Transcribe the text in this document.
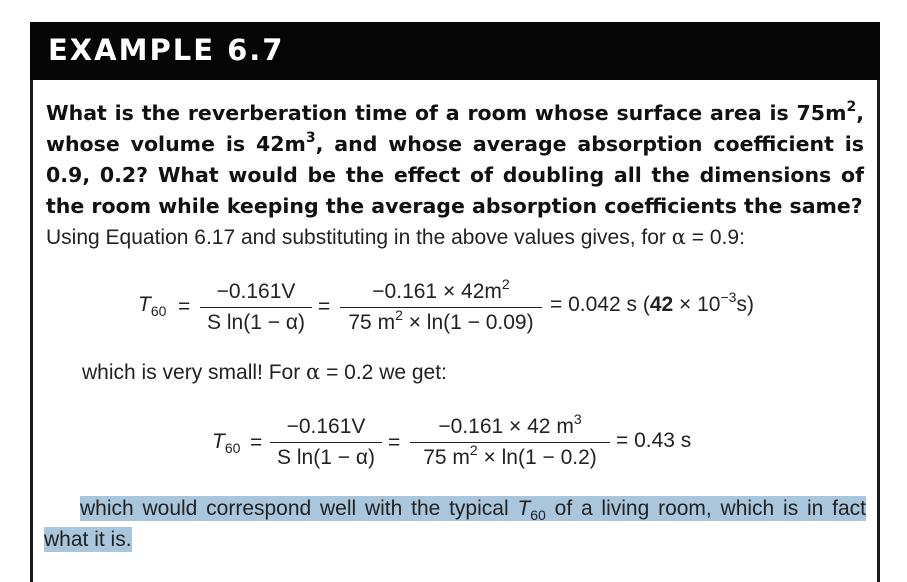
EXAMPLE 6.7
What is the reverberation time of a room whose surface area is $75m^2$, whose volume is $42m^3$, and whose average absorption coefficient is 0.9, 0.2? What would be the effect of doubling all the dimensions of the room while keeping the average absorption coefficients the same?
Using Equation 6.17 and substituting in the above values gives, for α = 0.9:
$T_{60} = \frac{-0.161V}{\text{S ln(1 − α)}} = \frac{-0.161 \times 42m^2}{75 m^2 \times \ln(1 - 0.09)} = 0.042$ s $(42 \times 10^{-3}s)$
which is very small! For α = 0.2 we get:
$T_{60} = \frac{-0.161V}{\text{S ln(1 − α)}} = \frac{-0.161 \times 42 m^3}{75 m^2 \times \ln(1 - 0.2)} = 0.43$ s
which would correspond well with the typical $T_{60}$ of a living room, which is in fact what it is.
